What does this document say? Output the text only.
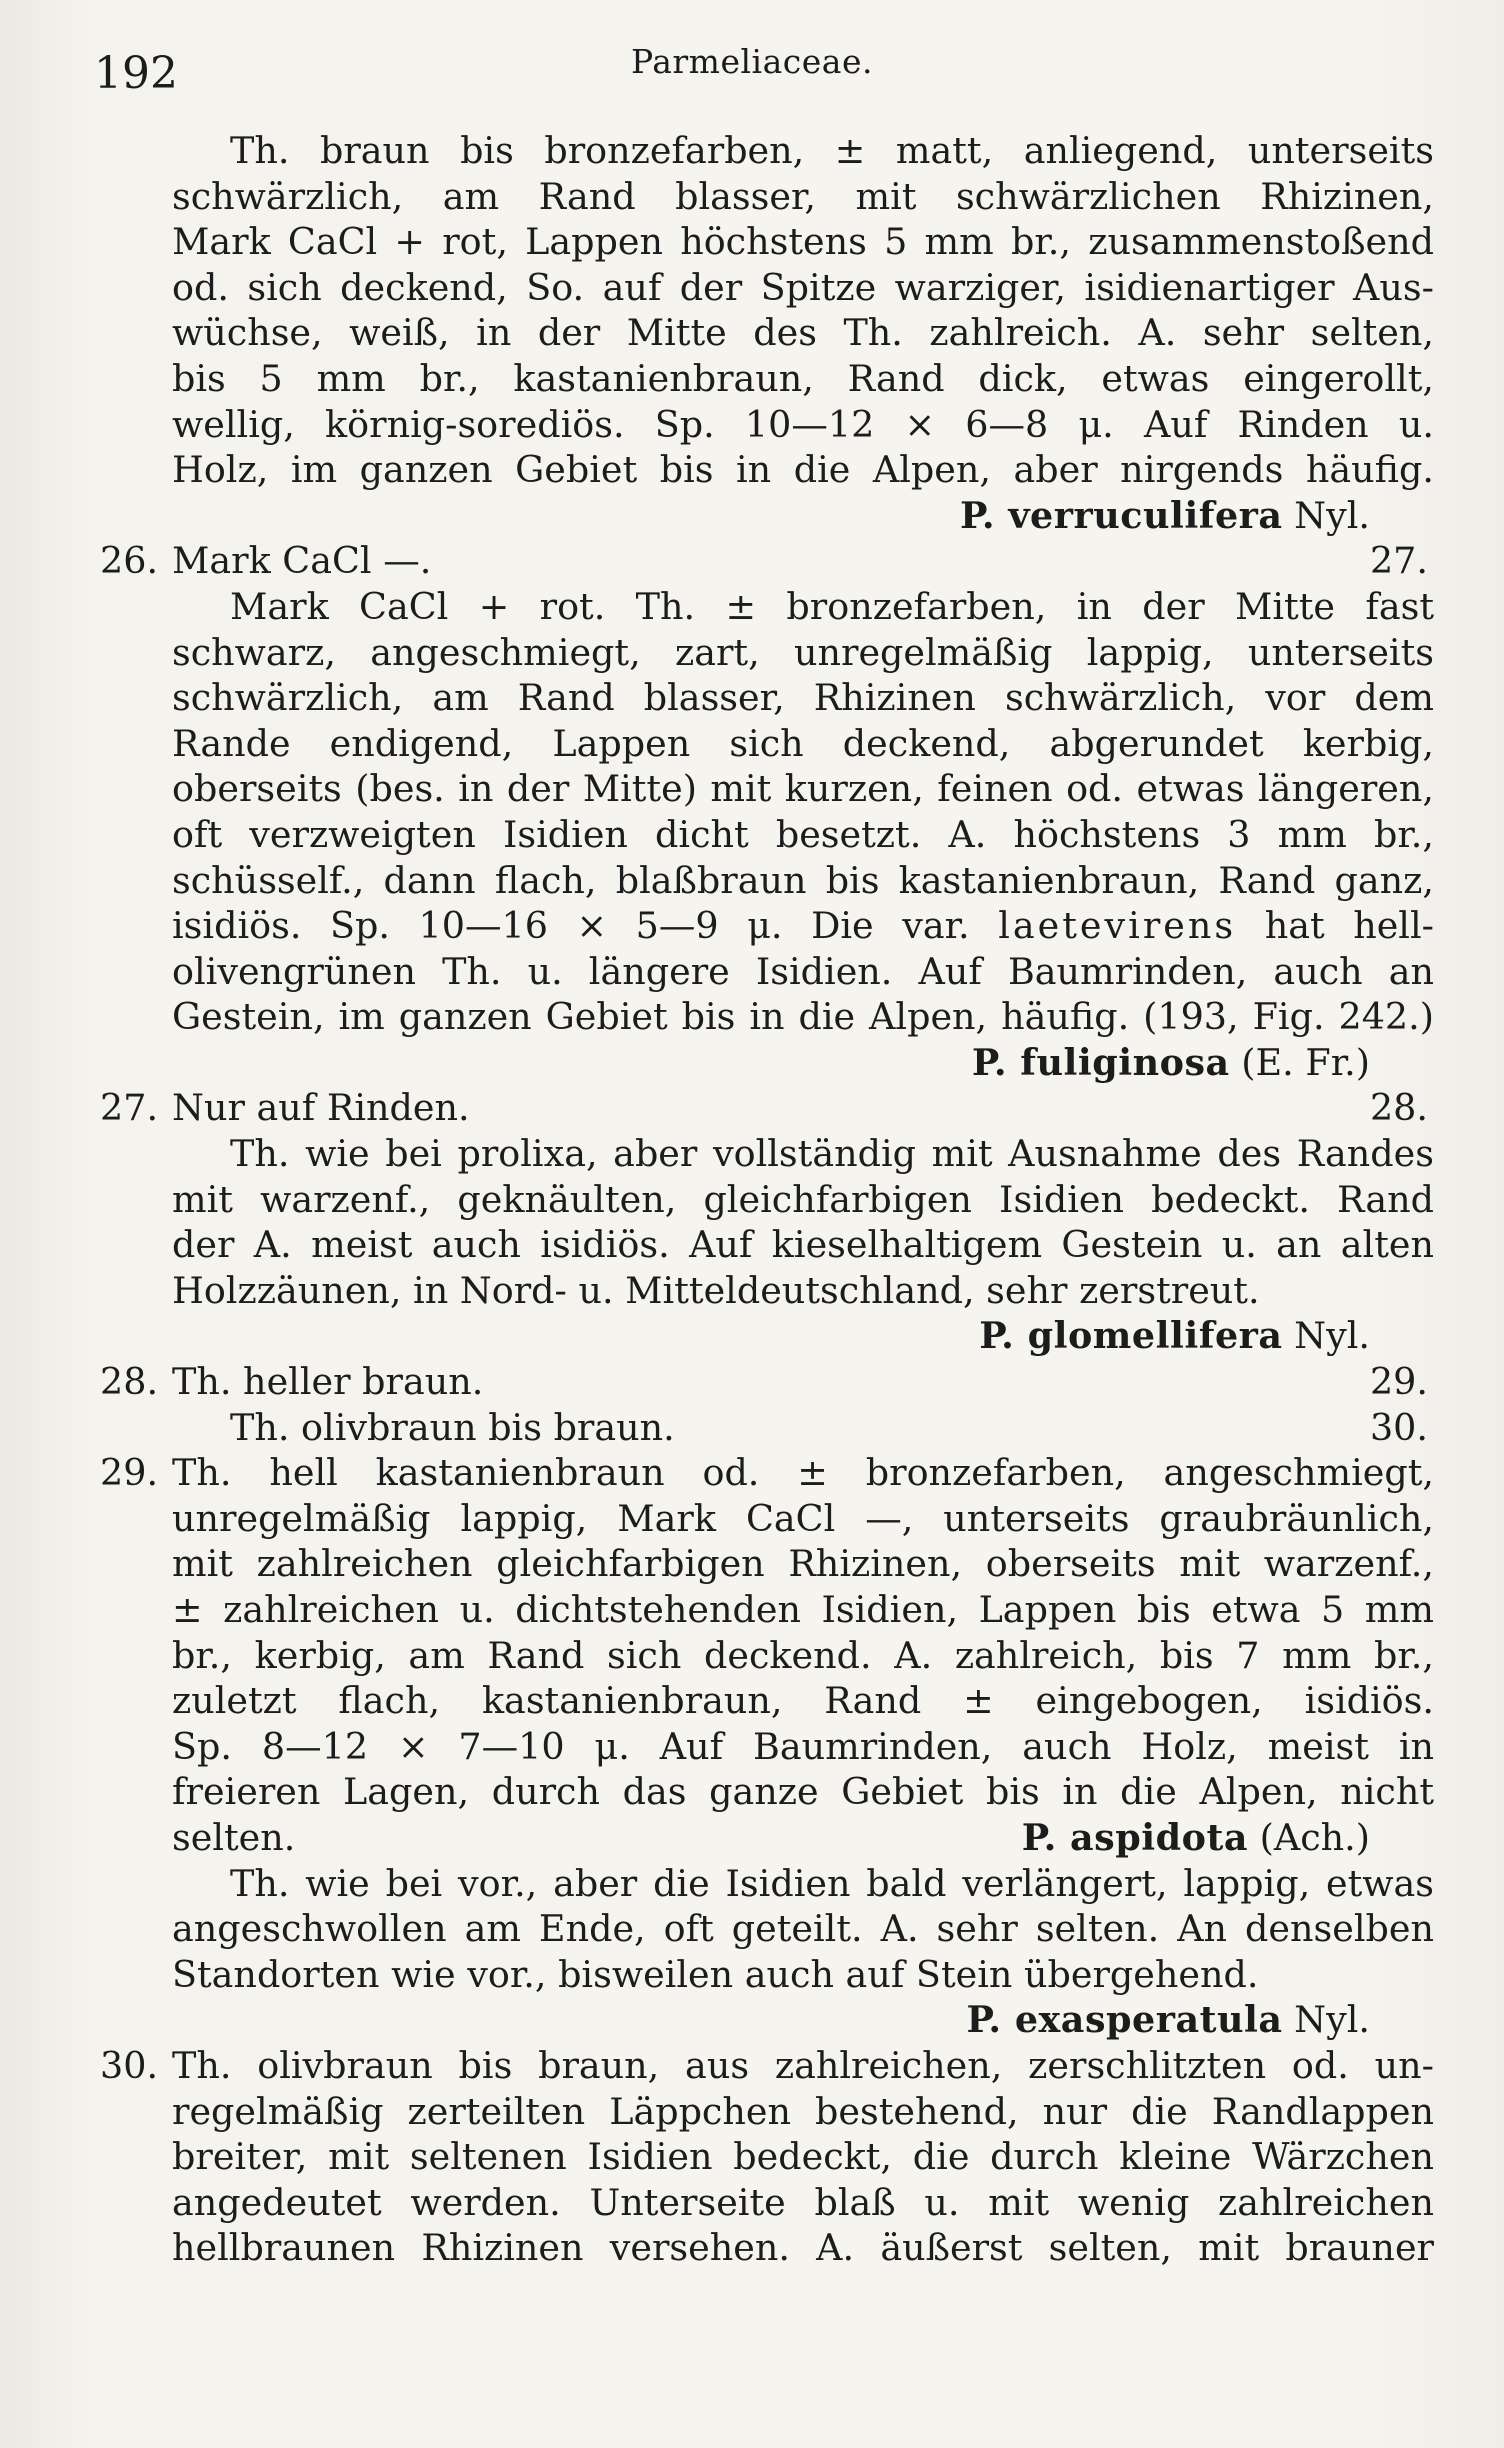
192	Parmeliaceae.
Th. braun bis bronzefarben, ± matt, anliegend, unterseits
schwärzlich, am Rand blasser, mit schwärzlichen Rhizinen,
Mark CaCl + rot, Lappen höchstens 5 mm br., zusammenstoßend
od. sich deckend, So. auf der Spitze warziger, isidienartiger Aus-
wüchse, weiß, in der Mitte des Th. zahlreich. A. sehr selten,
bis 5 mm br., kastanienbraun, Rand dick, etwas eingerollt,
wellig, körnig-sorediös. Sp. 10—12 × 6—8 μ. Auf Rinden u.
Holz, im ganzen Gebiet bis in die Alpen, aber nirgends häufig.
P. verruculifera Nyl.
26. Mark CaCl —.	27.
Mark CaCl + rot. Th. ± bronzefarben, in der Mitte fast
schwarz, angeschmiegt, zart, unregelmäßig lappig, unterseits
schwärzlich, am Rand blasser, Rhizinen schwärzlich, vor dem
Rande endigend, Lappen sich deckend, abgerundet kerbig,
oberseits (bes. in der Mitte) mit kurzen, feinen od. etwas längeren,
oft verzweigten Isidien dicht besetzt. A. höchstens 3 mm br.,
schüsself., dann flach, blaßbraun bis kastanienbraun, Rand ganz,
isidiös. Sp. 10—16 × 5—9 μ. Die var. laetevirens hat hell-
olivengrünen Th. u. längere Isidien. Auf Baumrinden, auch an
Gestein, im ganzen Gebiet bis in die Alpen, häufig. (193, Fig. 242.)
P. fuliginosa (E. Fr.)
27. Nur auf Rinden.	28.
Th. wie bei prolixa, aber vollständig mit Ausnahme des Randes
mit warzenf., geknäulten, gleichfarbigen Isidien bedeckt. Rand
der A. meist auch isidiös. Auf kieselhaltigem Gestein u. an alten
Holzzäunen, in Nord- u. Mitteldeutschland, sehr zerstreut.
P. glomellifera Nyl.
28. Th. heller braun.	29.
Th. olivbraun bis braun.	30.
29. Th. hell kastanienbraun od. ± bronzefarben, angeschmiegt,
unregelmäßig lappig, Mark CaCl —, unterseits graubräunlich,
mit zahlreichen gleichfarbigen Rhizinen, oberseits mit warzenf.,
± zahlreichen u. dichtstehenden Isidien, Lappen bis etwa 5 mm
br., kerbig, am Rand sich deckend. A. zahlreich, bis 7 mm br.,
zuletzt flach, kastanienbraun, Rand ± eingebogen, isidiös.
Sp. 8—12 × 7—10 μ. Auf Baumrinden, auch Holz, meist in
freieren Lagen, durch das ganze Gebiet bis in die Alpen, nicht
selten.	P. aspidota (Ach.)
Th. wie bei vor., aber die Isidien bald verlängert, lappig, etwas
angeschwollen am Ende, oft geteilt. A. sehr selten. An denselben
Standorten wie vor., bisweilen auch auf Stein übergehend.
P. exasperatula Nyl.
30. Th. olivbraun bis braun, aus zahlreichen, zerschlitzten od. un-
regelmäßig zerteilten Läppchen bestehend, nur die Randlappen
breiter, mit seltenen Isidien bedeckt, die durch kleine Wärzchen
angedeutet werden. Unterseite blaß u. mit wenig zahlreichen
hellbraunen Rhizinen versehen. A. äußerst selten, mit brauner
